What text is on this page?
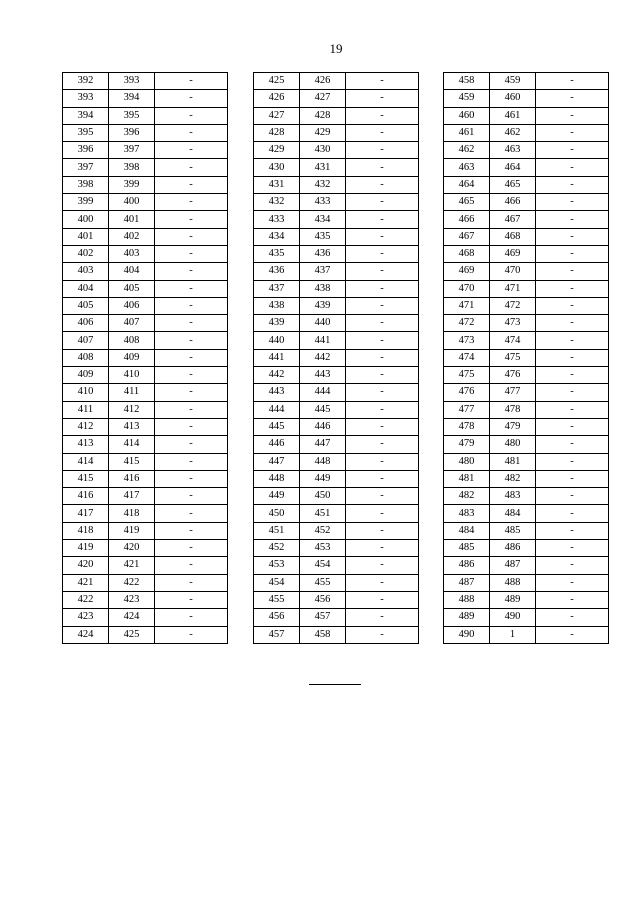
19
392	393	-
393	394	-
394	395	-
395	396	-
396	397	-
397	398	-
398	399	-
399	400	-
400	401	-
401	402	-
402	403	-
403	404	-
404	405	-
405	406	-
406	407	-
407	408	-
408	409	-
409	410	-
410	411	-
411	412	-
412	413	-
413	414	-
414	415	-
415	416	-
416	417	-
417	418	-
418	419	-
419	420	-
420	421	-
421	422	-
422	423	-
423	424	-
424	425	-
425	426	-
426	427	-
427	428	-
428	429	-
429	430	-
430	431	-
431	432	-
432	433	-
433	434	-
434	435	-
435	436	-
436	437	-
437	438	-
438	439	-
439	440	-
440	441	-
441	442	-
442	443	-
443	444	-
444	445	-
445	446	-
446	447	-
447	448	-
448	449	-
449	450	-
450	451	-
451	452	-
452	453	-
453	454	-
454	455	-
455	456	-
456	457	-
457	458	-
458	459	-
459	460	-
460	461	-
461	462	-
462	463	-
463	464	-
464	465	-
465	466	-
466	467	-
467	468	-
468	469	-
469	470	-
470	471	-
471	472	-
472	473	-
473	474	-
474	475	-
475	476	-
476	477	-
477	478	-
478	479	-
479	480	-
480	481	-
481	482	-
482	483	-
483	484	-
484	485	-
485	486	-
486	487	-
487	488	-
488	489	-
489	490	-
490	1	-
